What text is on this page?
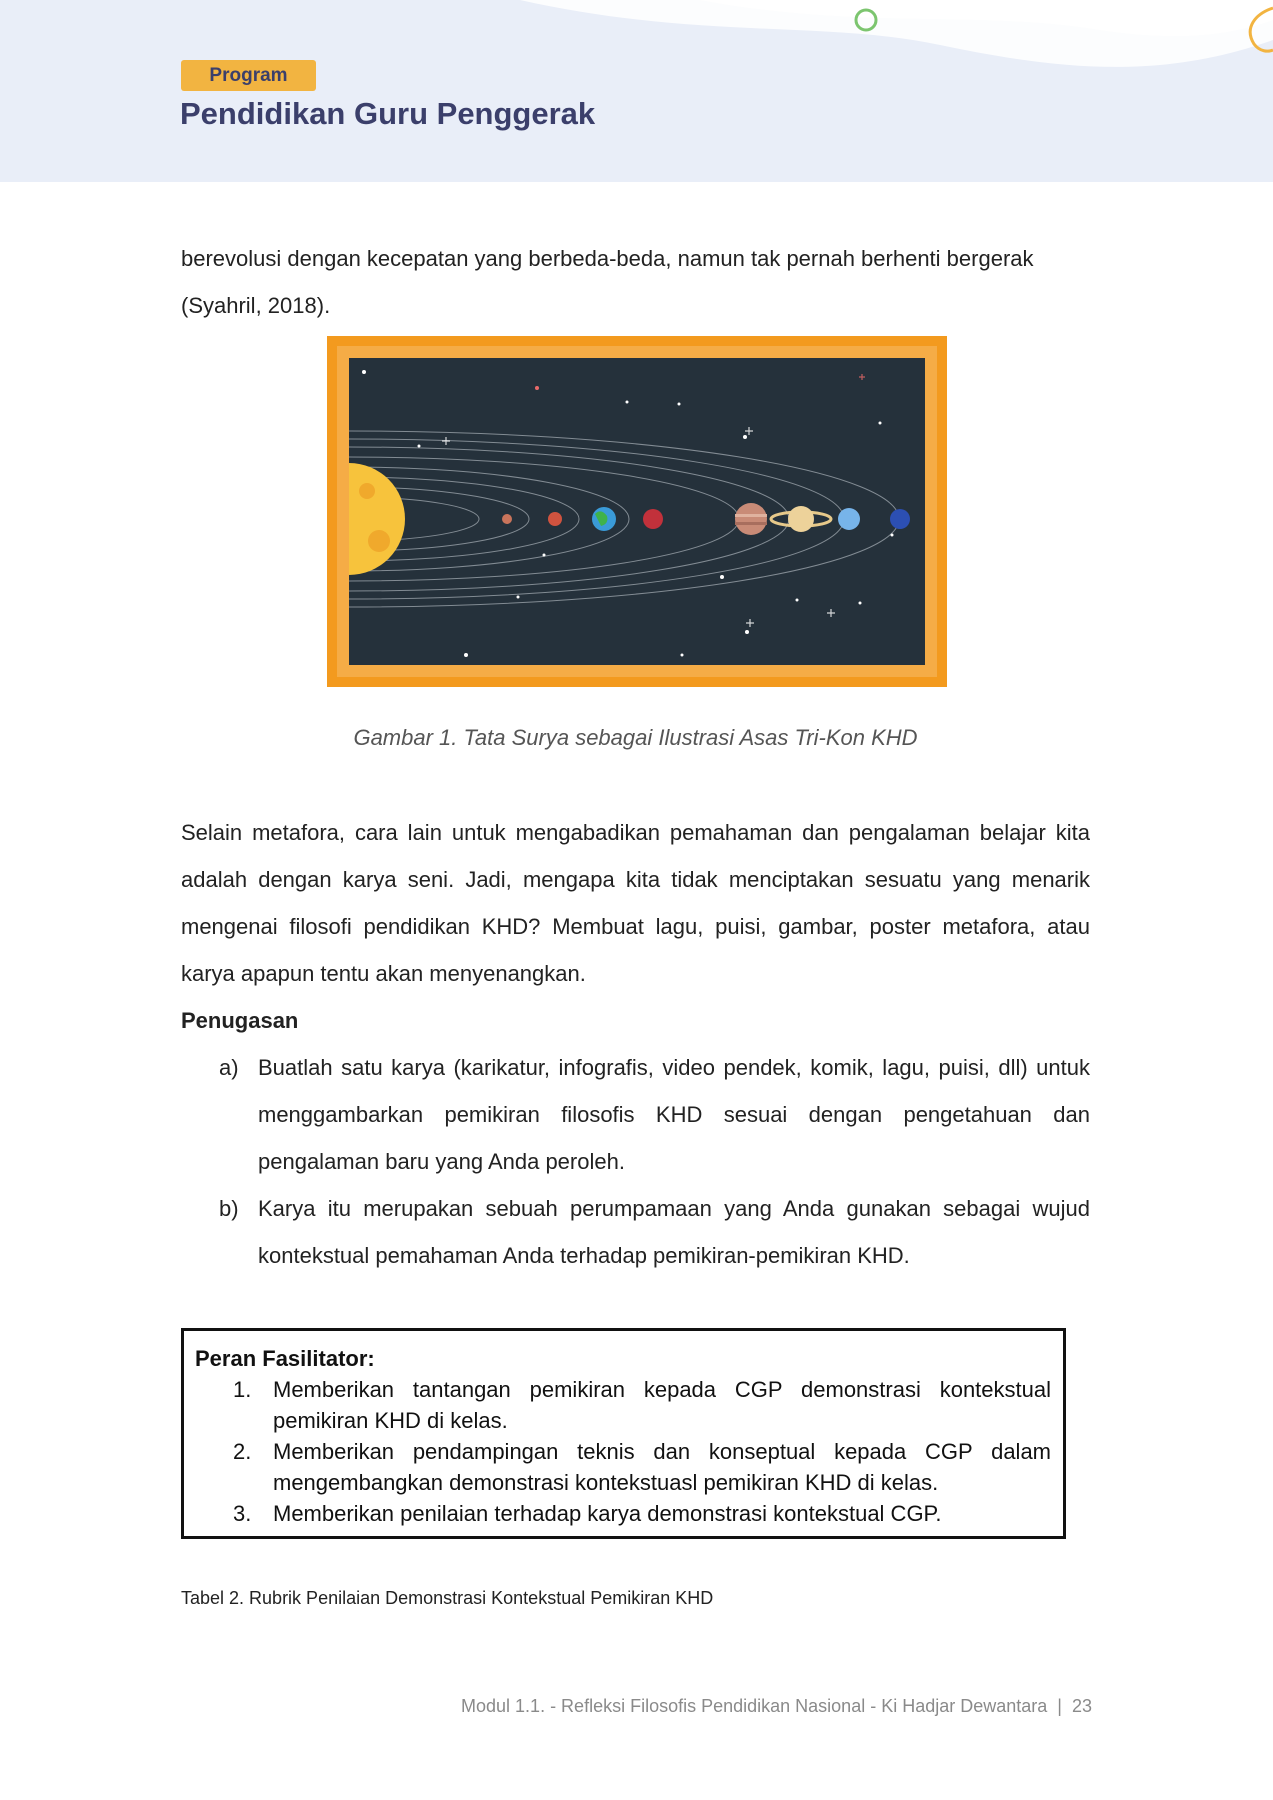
Program
Pendidikan Guru Penggerak
berevolusi dengan kecepatan yang berbeda-beda, namun tak pernah berhenti bergerak
(Syahril, 2018).
Gambar 1. Tata Surya sebagai Ilustrasi Asas Tri-Kon KHD
Selain metafora, cara lain untuk mengabadikan pemahaman dan pengalaman belajar kita adalah dengan karya seni. Jadi, mengapa kita tidak menciptakan sesuatu yang menarik mengenai filosofi pendidikan KHD? Membuat lagu, puisi, gambar, poster metafora, atau karya apapun tentu akan menyenangkan.
Penugasan
a) Buatlah satu karya (karikatur, infografis, video pendek, komik, lagu, puisi, dll) untuk menggambarkan pemikiran filosofis KHD sesuai dengan pengetahuan dan pengalaman baru yang Anda peroleh.
b) Karya itu merupakan sebuah perumpamaan yang Anda gunakan sebagai wujud kontekstual pemahaman Anda terhadap pemikiran-pemikiran KHD.
Peran Fasilitator:
1. Memberikan tantangan pemikiran kepada CGP demonstrasi kontekstual pemikiran KHD di kelas.
2. Memberikan pendampingan teknis dan konseptual kepada CGP dalam mengembangkan demonstrasi kontekstuasl pemikiran KHD di kelas.
3. Memberikan penilaian terhadap karya demonstrasi kontekstual CGP.
Tabel 2. Rubrik Penilaian Demonstrasi Kontekstual Pemikiran KHD
Modul 1.1. - Refleksi Filosofis Pendidikan Nasional - Ki Hadjar Dewantara | 23
